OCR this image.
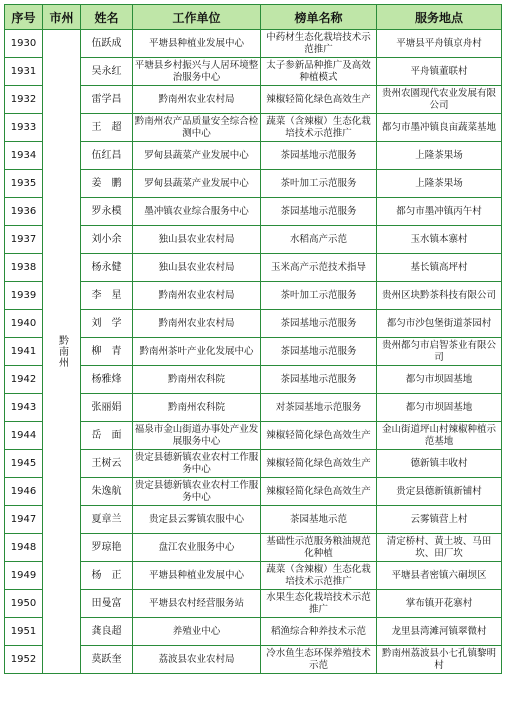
序号	市州	姓名	工作单位	榜单名称	服务地点
1930	黔南州	伍跃成	平塘县种植业发展中心	中药材生态化栽培技术示范推广	平塘县平舟镇京舟村
1931		吴永红	平塘县乡村振兴与人居环境整治服务中心	太子参新品种推广及高效种植模式	平舟镇董联村
1932		雷学昌	黔南州农业农村局	辣椒轻简化绿色高效生产	贵州农園现代农业发展有限公司
1933		王　超	黔南州农产品质量安全综合检测中心	蔬菜（含辣椒）生态化栽培技术示范推广	都匀市墨冲镇良亩蔬菜基地
1934		伍红昌	罗甸县蔬菜产业发展中心	茶园基地示范服务	上隆茶果场
1935		姜　鹏	罗甸县蔬菜产业发展中心	茶叶加工示范服务	上隆茶果场
1936		罗永模	墨冲镇农业综合服务中心	茶园基地示范服务	都匀市墨冲镇丙午村
1937		刘小余	独山县农业农村局	水稻高产示范	玉水镇本寨村
1938		杨永健	独山县农业农村局	玉米高产示范技术指导	基长镇高坪村
1939		李　星	黔南州农业农村局	茶叶加工示范服务	贵州区块黔茶科技有限公司
1940		刘　学	黔南州农业农村局	茶园基地示范服务	都匀市沙包堡街道茶园村
1941		柳　青	黔南州茶叶产业化发展中心	茶园基地示范服务	贵州都匀市启智茶业有限公司
1942		杨雅烽	黔南州农科院	茶园基地示范服务	都匀市坝固基地
1943		张丽娟	黔南州农科院	对茶园基地示范服务	都匀市坝固基地
1944		岳　面	福泉市金山街道办事处产业发展服务中心	辣椒轻简化绿色高效生产	金山街道坪山村辣椒种植示范基地
1945		王树云	贵定县德新镇农业农村工作服务中心	辣椒轻简化绿色高效生产	德新镇丰收村
1946		朱逸航	贵定县德新镇农业农村工作服务中心	辣椒轻简化绿色高效生产	贵定县德新镇新铺村
1947		夏章兰	贵定县云雾镇农服中心	茶园基地示范	云雾镇营上村
1948		罗琼艳	盘江农业服务中心	基础性示范服务粮油规范化种植	清定桥村、黄土坡、马田坎、田厂坎
1949		杨　正	平塘县种植业发展中心	蔬菜（含辣椒）生态化栽培技术示范推广	平塘县者密镇六硐坝区
1950		田曼富	平塘县农村经营服务站	水果生态化栽培技术示范推广	掌布镇开花寨村
1951		龚良超	养殖业中心	稻渔综合种养技术示范	龙里县湾滩河镇翠微村
1952		莫跃奎	荔波县农业农村局	冷水鱼生态环保养殖技术示范	黔南州荔波县小七孔镇黎明村
